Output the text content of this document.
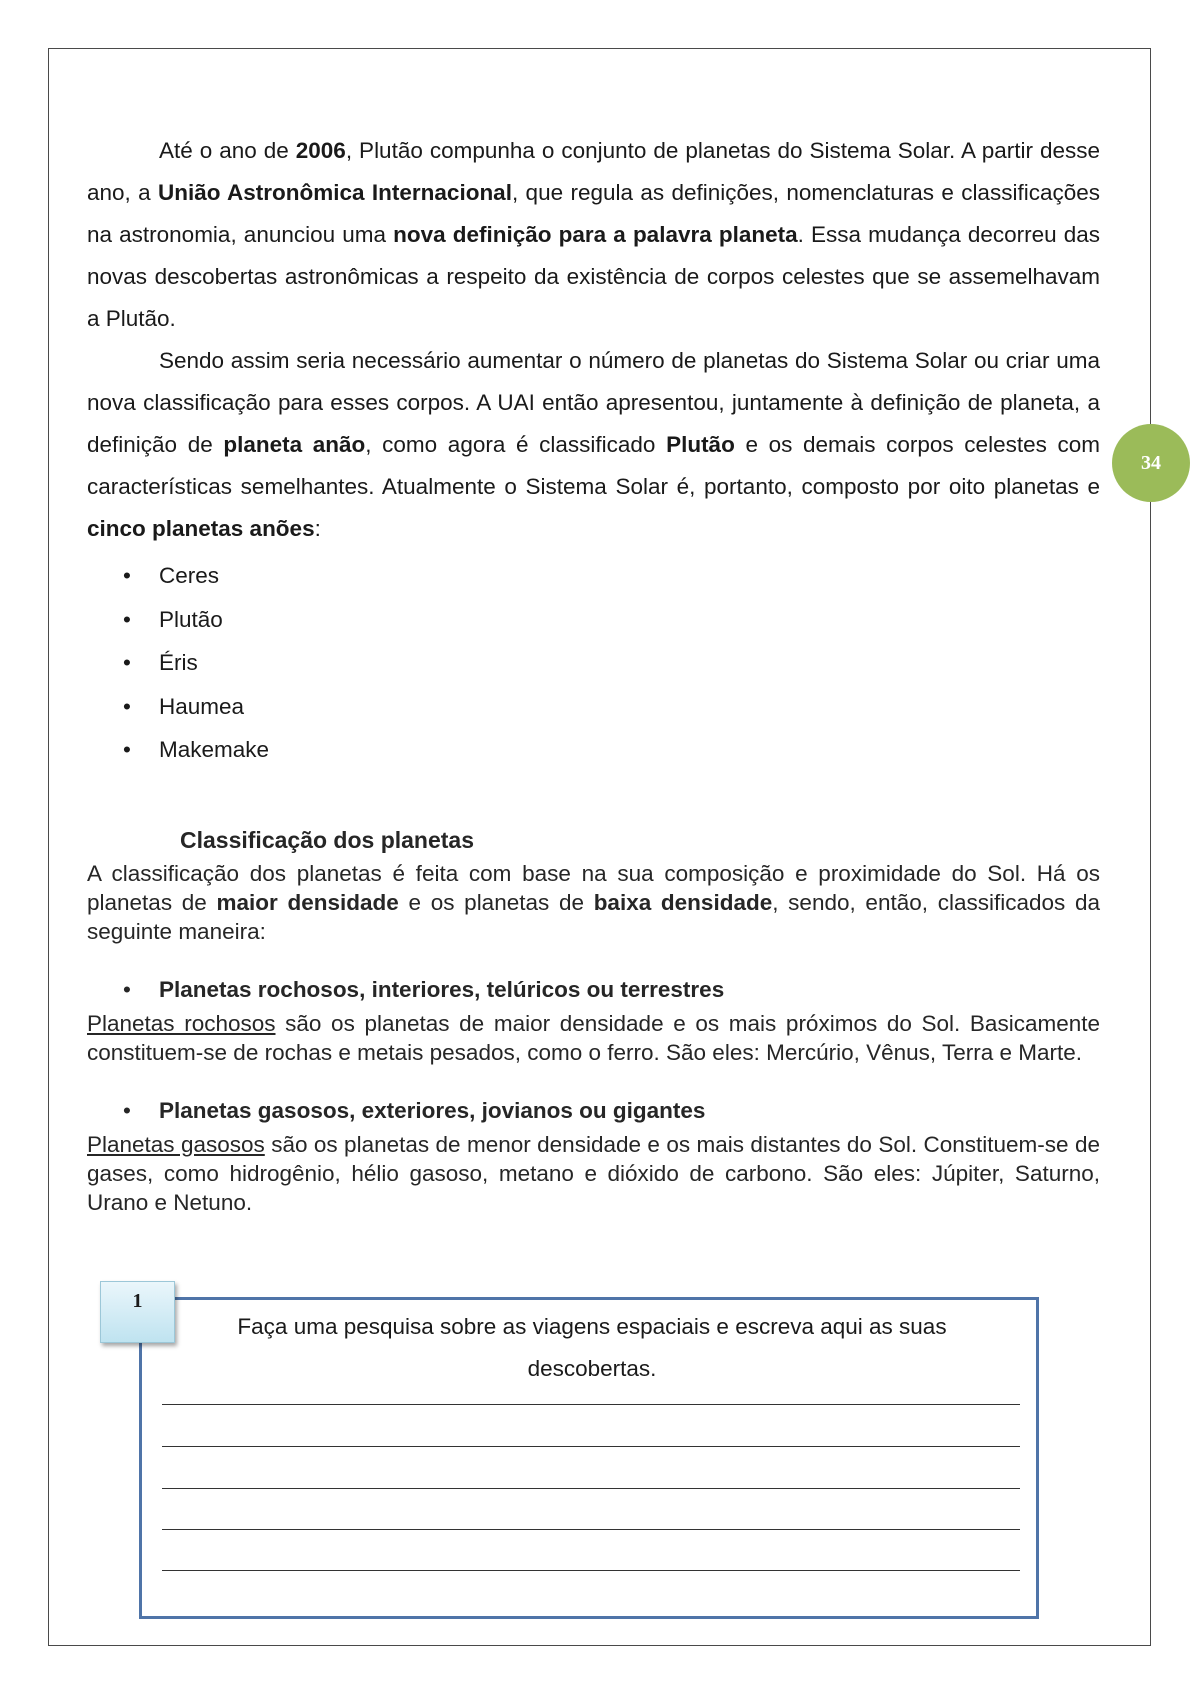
34

Até o ano de 2006, Plutão compunha o conjunto de planetas do Sistema Solar. A partir desse ano, a União Astronômica Internacional, que regula as definições, nomenclaturas e classificações na astronomia, anunciou uma nova definição para a palavra planeta. Essa mudança decorreu das novas descobertas astronômicas a respeito da existência de corpos celestes que se assemelhavam a Plutão.

Sendo assim seria necessário aumentar o número de planetas do Sistema Solar ou criar uma nova classificação para esses corpos. A UAI então apresentou, juntamente à definição de planeta, a definição de planeta anão, como agora é classificado Plutão e os demais corpos celestes com características semelhantes. Atualmente o Sistema Solar é, portanto, composto por oito planetas e cinco planetas anões:

• Ceres
• Plutão
• Éris
• Haumea
• Makemake
Classificação dos planetas

A classificação dos planetas é feita com base na sua composição e proximidade do Sol. Há os planetas de maior densidade e os planetas de baixa densidade, sendo, então, classificados da seguinte maneira:

• Planetas rochosos, interiores, telúricos ou terrestres

Planetas rochosos são os planetas de maior densidade e os mais próximos do Sol. Basicamente constituem-se de rochas e metais pesados, como o ferro. São eles: Mercúrio, Vênus, Terra e Marte.

• Planetas gasosos, exteriores, jovianos ou gigantes

Planetas gasosos são os planetas de menor densidade e os mais distantes do Sol. Constituem-se de gases, como hidrogênio, hélio gasoso, metano e dióxido de carbono. São eles: Júpiter, Saturno, Urano e Netuno.

Faça uma pesquisa sobre as viagens espaciais e escreva aqui as suas descobertas.

1
